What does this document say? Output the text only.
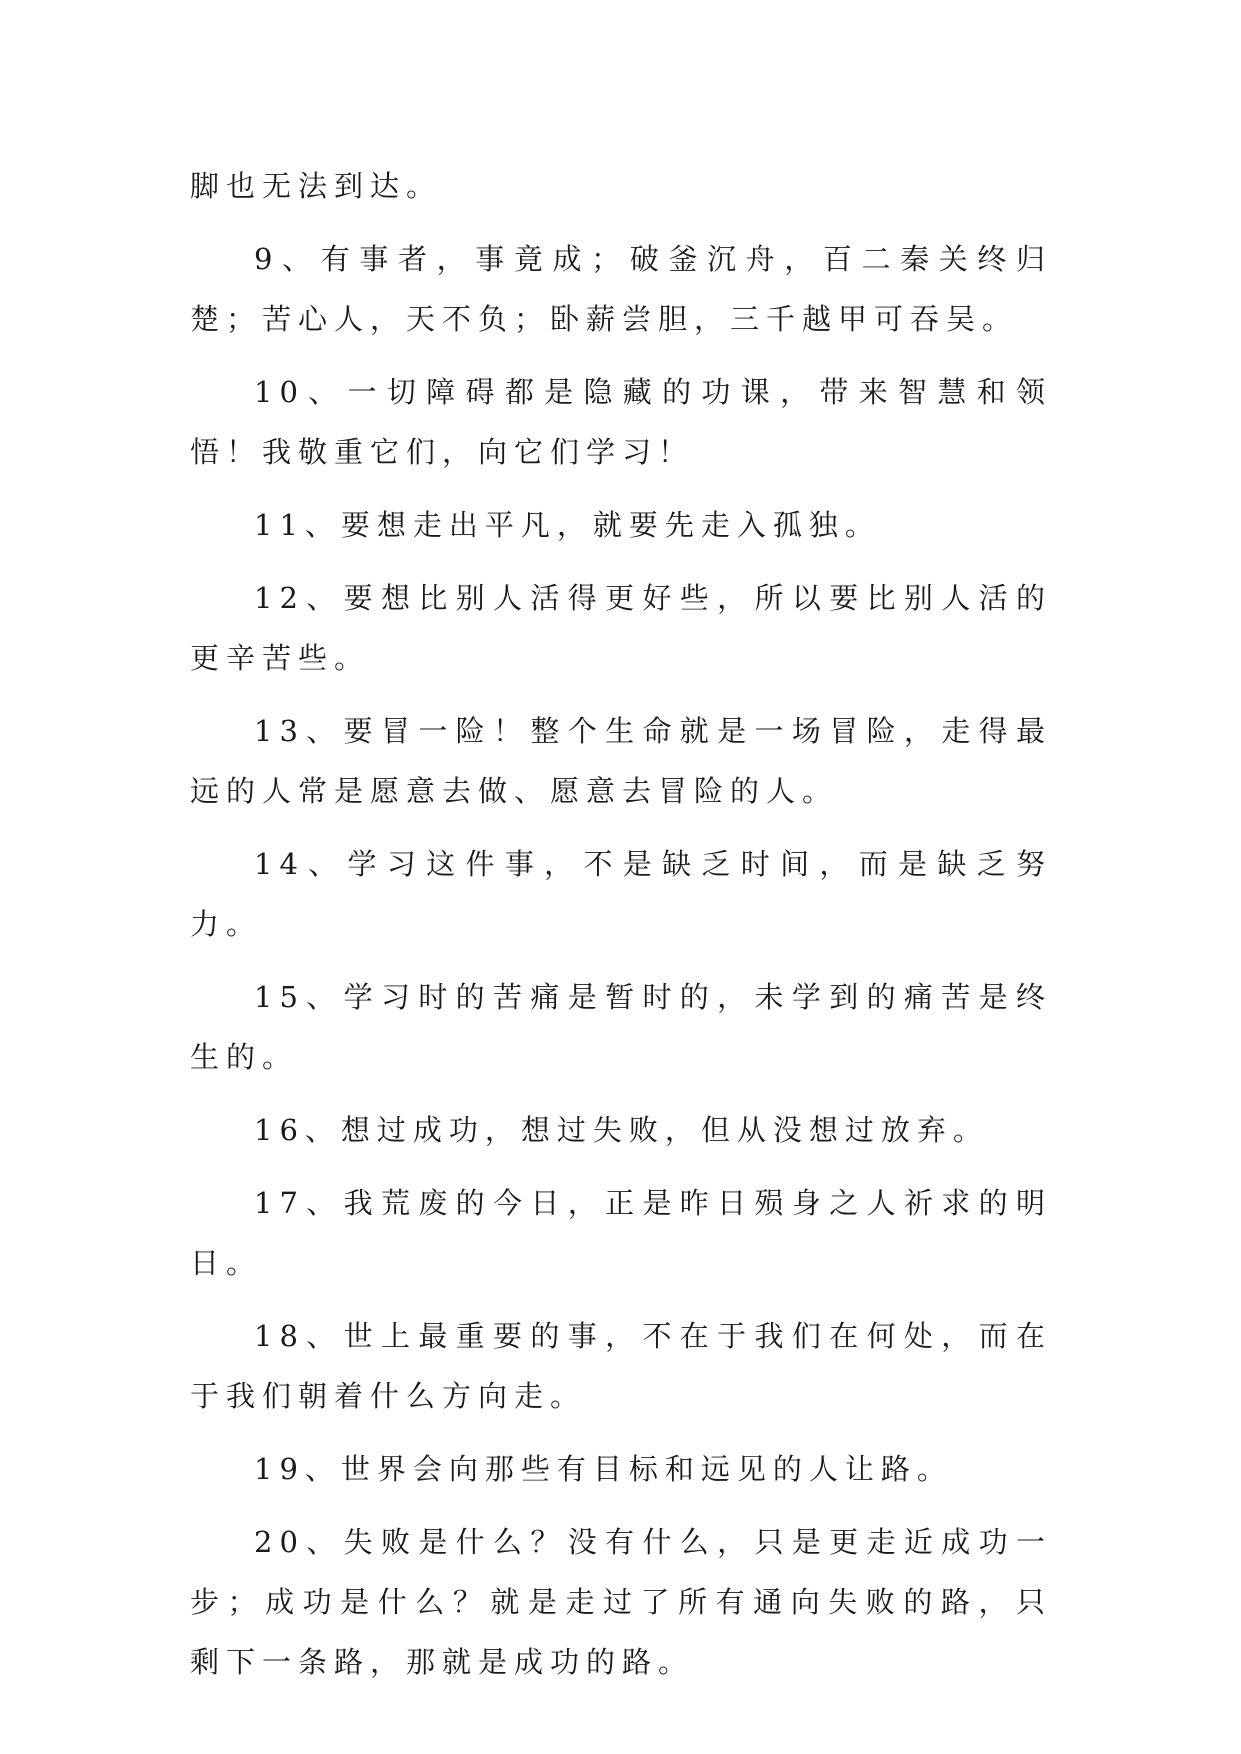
脚也无法到达。

9、有事者，事竟成；破釜沉舟，百二秦关终归楚；苦心人，天不负；卧薪尝胆，三千越甲可吞吴。

10、一切障碍都是隐藏的功课，带来智慧和领悟！我敬重它们，向它们学习！

11、要想走出平凡，就要先走入孤独。

12、要想比别人活得更好些，所以要比别人活的更辛苦些。

13、要冒一险！整个生命就是一场冒险，走得最远的人常是愿意去做、愿意去冒险的人。

14、学习这件事，不是缺乏时间，而是缺乏努力。

15、学习时的苦痛是暂时的，未学到的痛苦是终生的。

16、想过成功，想过失败，但从没想过放弃。

17、我荒废的今日，正是昨日殒身之人祈求的明日。

18、世上最重要的事，不在于我们在何处，而在于我们朝着什么方向走。

19、世界会向那些有目标和远见的人让路。

20、失败是什么？没有什么，只是更走近成功一步；成功是什么？就是走过了所有通向失败的路，只剩下一条路，那就是成功的路。
